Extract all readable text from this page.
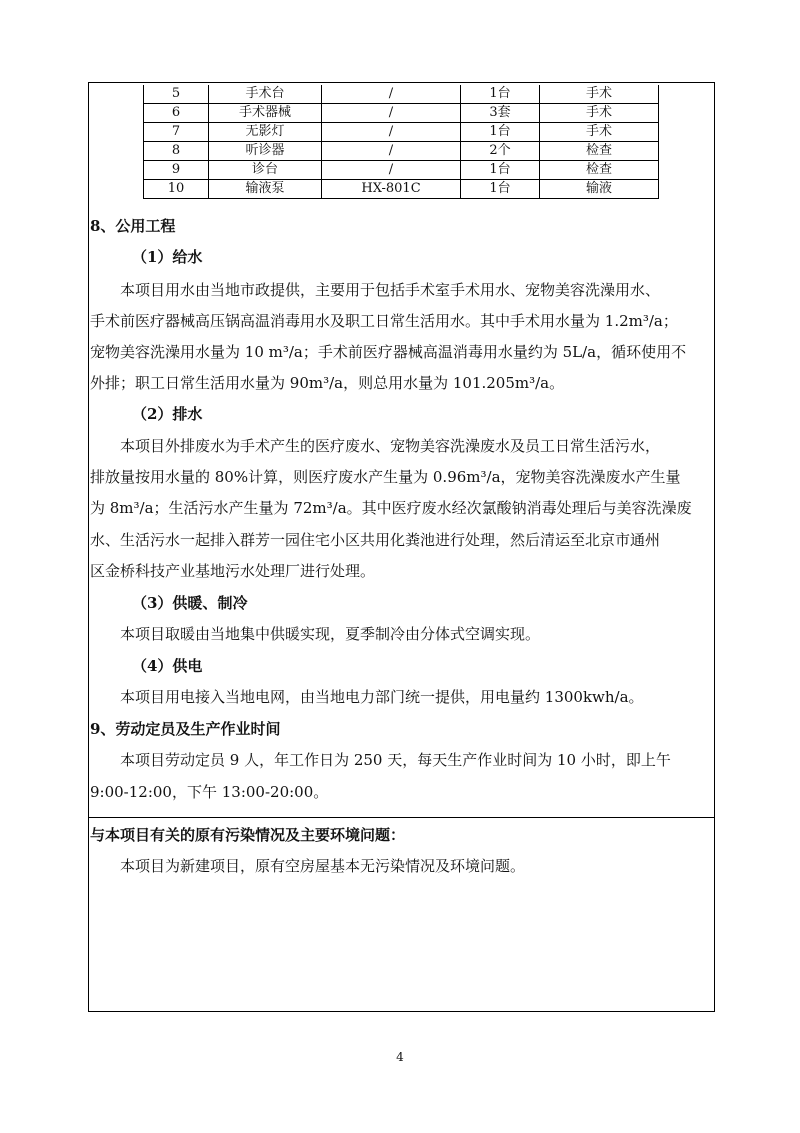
5	手术台	/	1台	手术
6	手术器械	/	3套	手术
7	无影灯	/	1台	手术
8	听诊器	/	2个	检查
9	诊台	/	1台	检查
10	输液泵	HX-801C	1台	输液
8、公用工程
（1）给水
本项目用水由当地市政提供，主要用于包括手术室手术用水、宠物美容洗澡用水、
手术前医疗器械高压锅高温消毒用水及职工日常生活用水。其中手术用水量为 1.2m³/a；
宠物美容洗澡用水量为 10 m³/a；手术前医疗器械高温消毒用水量约为 5L/a，循环使用不
外排；职工日常生活用水量为 90m³/a，则总用水量为 101.205m³/a。
（2）排水
本项目外排废水为手术产生的医疗废水、宠物美容洗澡废水及员工日常生活污水，
排放量按用水量的 80%计算，则医疗废水产生量为 0.96m³/a，宠物美容洗澡废水产生量
为 8m³/a；生活污水产生量为 72m³/a。其中医疗废水经次氯酸钠消毒处理后与美容洗澡废
水、生活污水一起排入群芳一园住宅小区共用化粪池进行处理，然后清运至北京市通州
区金桥科技产业基地污水处理厂进行处理。
（3）供暖、制冷
本项目取暖由当地集中供暖实现，夏季制冷由分体式空调实现。
（4）供电
本项目用电接入当地电网，由当地电力部门统一提供，用电量约 1300kwh/a。
9、劳动定员及生产作业时间
本项目劳动定员 9 人，年工作日为 250 天，每天生产作业时间为 10 小时，即上午
9:00-12:00，下午 13:00-20:00。
与本项目有关的原有污染情况及主要环境问题：
本项目为新建项目，原有空房屋基本无污染情况及环境问题。
4
